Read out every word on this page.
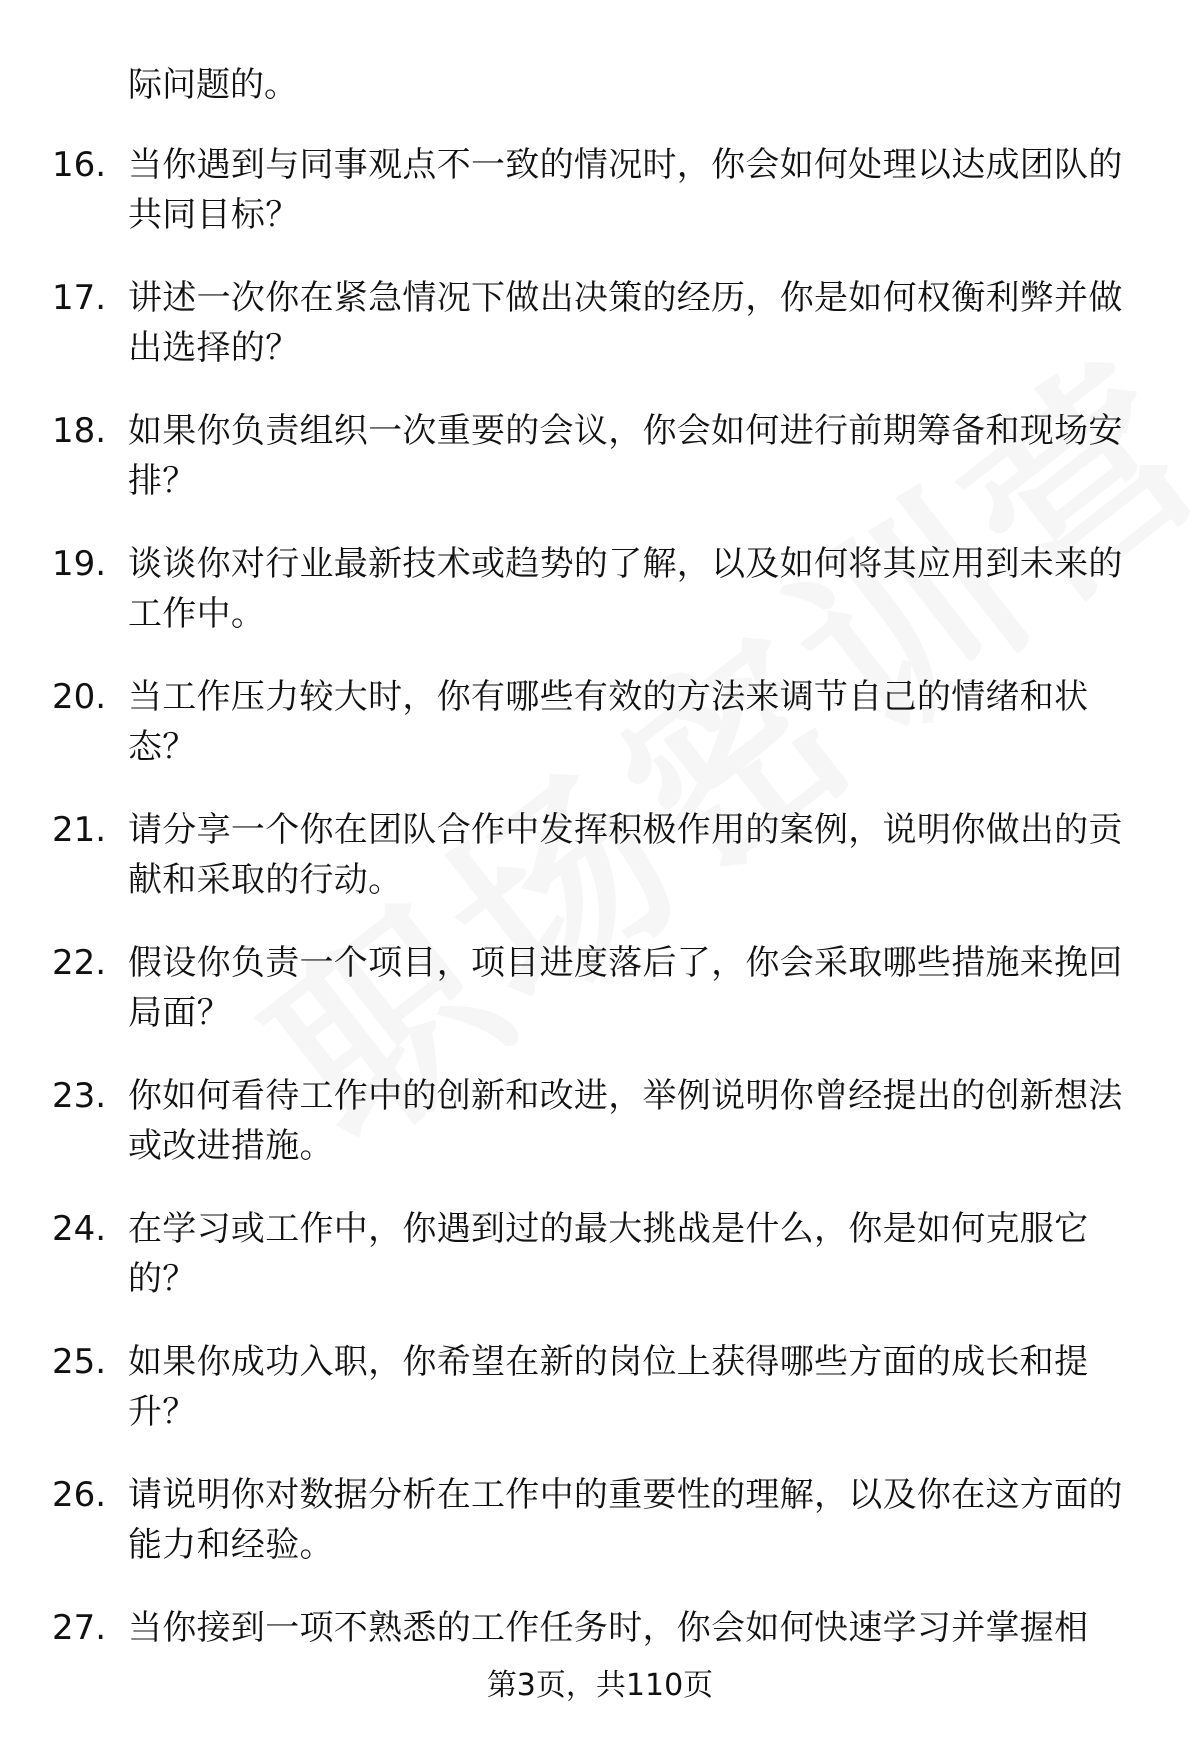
际问题的。
16. 当你遇到与同事观点不一致的情况时，你会如何处理以达成团队的共同目标？
17. 讲述一次你在紧急情况下做出决策的经历，你是如何权衡利弊并做出选择的？
18. 如果你负责组织一次重要的会议，你会如何进行前期筹备和现场安排？
19. 谈谈你对行业最新技术或趋势的了解，以及如何将其应用到未来的工作中。
20. 当工作压力较大时，你有哪些有效的方法来调节自己的情绪和状态？
21. 请分享一个你在团队合作中发挥积极作用的案例，说明你做出的贡献和采取的行动。
22. 假设你负责一个项目，项目进度落后了，你会采取哪些措施来挽回局面？
23. 你如何看待工作中的创新和改进，举例说明你曾经提出的创新想法或改进措施。
24. 在学习或工作中，你遇到过的最大挑战是什么，你是如何克服它的？
25. 如果你成功入职，你希望在新的岗位上获得哪些方面的成长和提升？
26. 请说明你对数据分析在工作中的重要性的理解，以及你在这方面的能力和经验。
27. 当你接到一项不熟悉的工作任务时，你会如何快速学习并掌握相
第3页，共110页
